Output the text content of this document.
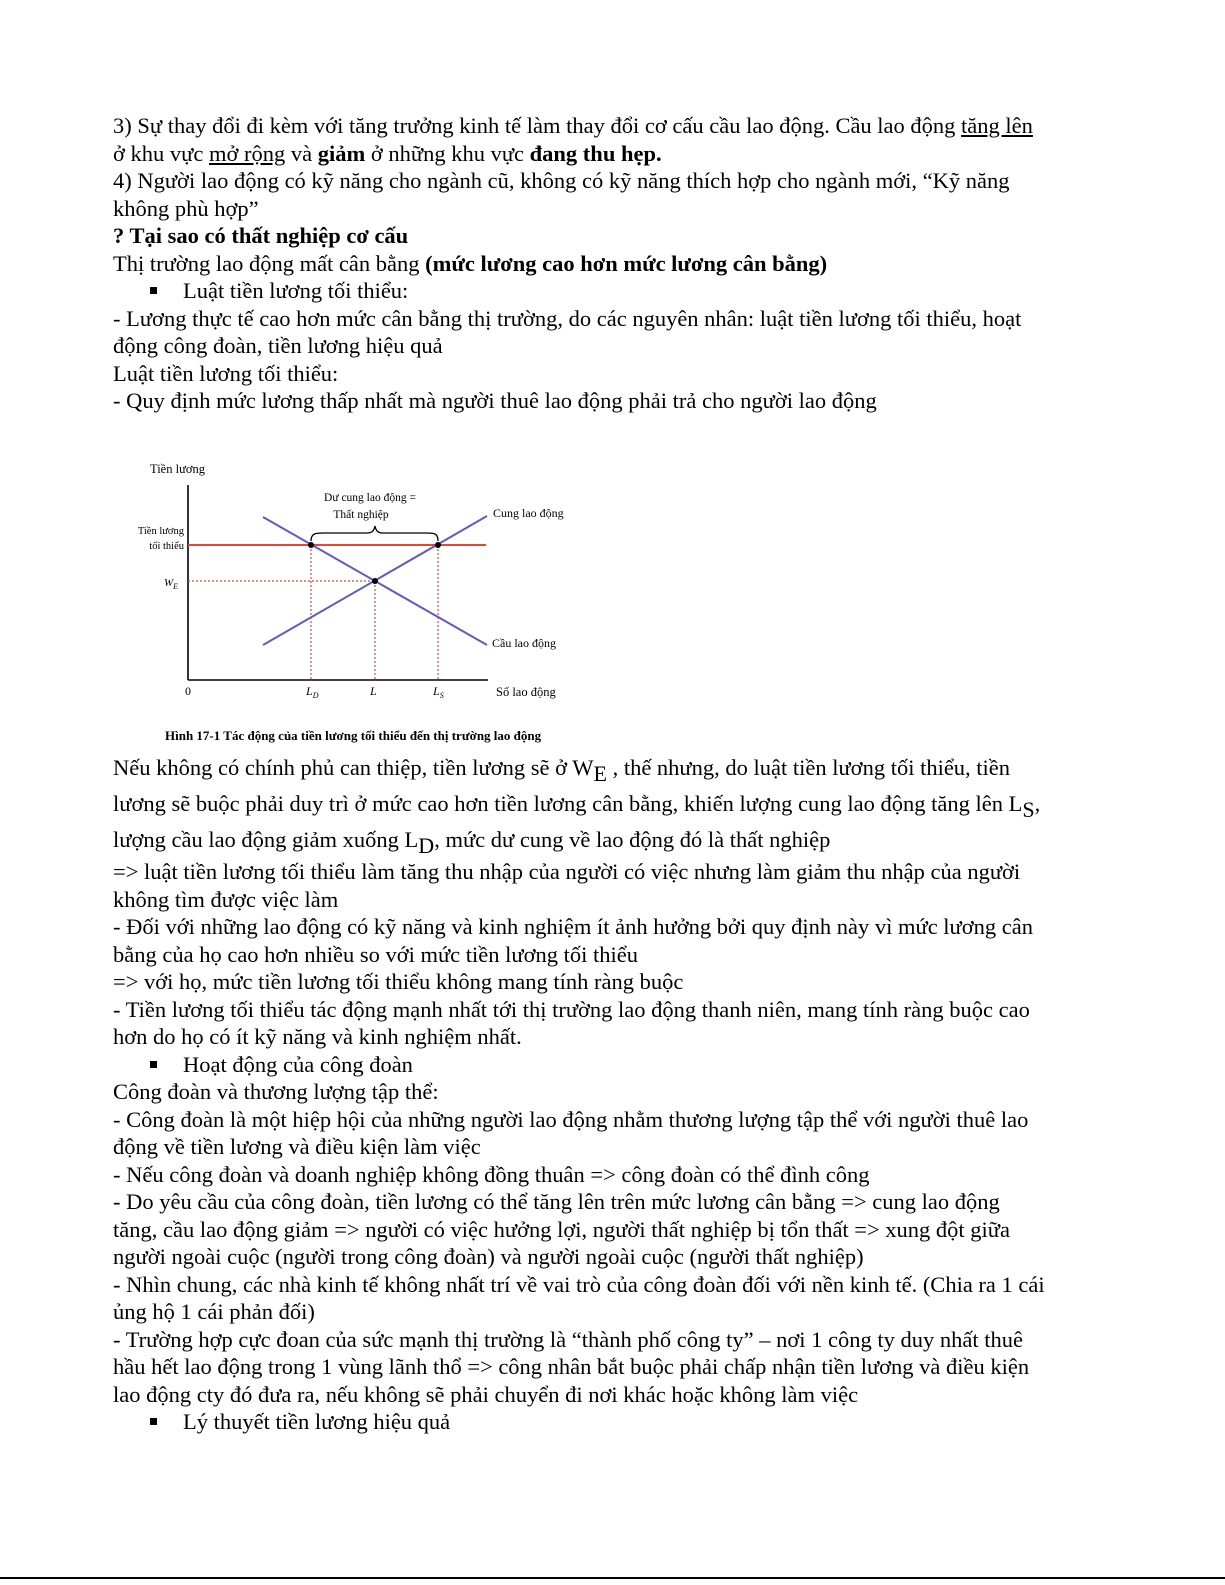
3) Sự thay đổi đi kèm với tăng trưởng kinh tế làm thay đổi cơ cấu cầu lao động. Cầu lao động tăng lên
ở khu vực mở rộng và giảm ở những khu vực đang thu hẹp.
4) Người lao động có kỹ năng cho ngành cũ, không có kỹ năng thích hợp cho ngành mới, “Kỹ năng
không phù hợp”
? Tại sao có thất nghiệp cơ cấu
Thị trường lao động mất cân bằng (mức lương cao hơn mức lương cân bằng)
Luật tiền lương tối thiểu:
- Lương thực tế cao hơn mức cân bằng thị trường, do các nguyên nhân: luật tiền lương tối thiểu, hoạt
động công đoàn, tiền lương hiệu quả
Luật tiền lương tối thiểu:
- Quy định mức lương thấp nhất mà người thuê lao động phải trả cho người lao động
Tiền lương
Số lao động
0
Tiền lương
tối thiểu
$W_E$
Cung lao động
Cầu lao động
Dư cung lao động =
Thất nghiệp
$L_D$	L	$L_S$
Hình 17-1 Tác động của tiền lương tối thiểu đến thị trường lao động
Nếu không có chính phủ can thiệp, tiền lương sẽ ở WE , thế nhưng, do luật tiền lương tối thiểu, tiền
lương sẽ buộc phải duy trì ở mức cao hơn tiền lương cân bằng, khiến lượng cung lao động tăng lên LS,
lượng cầu lao động giảm xuống LD, mức dư cung về lao động đó là thất nghiệp
=> luật tiền lương tối thiểu làm tăng thu nhập của người có việc nhưng làm giảm thu nhập của người
không tìm được việc làm
- Đối với những lao động có kỹ năng và kinh nghiệm ít ảnh hưởng bởi quy định này vì mức lương cân
bằng của họ cao hơn nhiều so với mức tiền lương tối thiểu
=> với họ, mức tiền lương tối thiểu không mang tính ràng buộc
- Tiền lương tối thiểu tác động mạnh nhất tới thị trường lao động thanh niên, mang tính ràng buộc cao
hơn do họ có ít kỹ năng và kinh nghiệm nhất.
Hoạt động của công đoàn
Công đoàn và thương lượng tập thể:
- Công đoàn là một hiệp hội của những người lao động nhằm thương lượng tập thể với người thuê lao
động về tiền lương và điều kiện làm việc
- Nếu công đoàn và doanh nghiệp không đồng thuân => công đoàn có thể đình công
- Do yêu cầu của công đoàn, tiền lương có thể tăng lên trên mức lương cân bằng => cung lao động
tăng, cầu lao động giảm => người có việc hưởng lợi, người thất nghiệp bị tổn thất => xung đột giữa
người ngoài cuộc (người trong công đoàn) và người ngoài cuộc (người thất nghiệp)
- Nhìn chung, các nhà kinh tế không nhất trí về vai trò của công đoàn đối với nền kinh tế. (Chia ra 1 cái
ủng hộ 1 cái phản đối)
- Trường hợp cực đoan của sức mạnh thị trường là “thành phố công ty” – nơi 1 công ty duy nhất thuê
hầu hết lao động trong 1 vùng lãnh thổ => công nhân bắt buộc phải chấp nhận tiền lương và điều kiện
lao động cty đó đưa ra, nếu không sẽ phải chuyển đi nơi khác hoặc không làm việc
Lý thuyết tiền lương hiệu quả
